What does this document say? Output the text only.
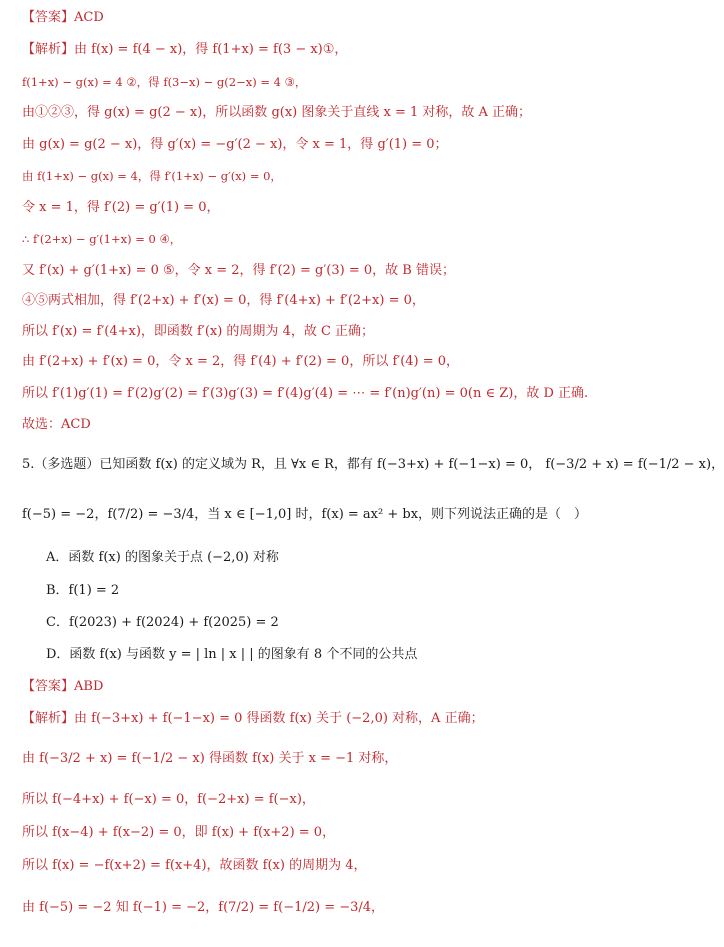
【答案】ACD
【解析】由 f(x) = f(4 − x)，得 f(1+x) = f(3 − x)①，
f(1+x) − g(x) = 4 ②，得 f(3−x) − g(2−x) = 4 ③，
由①②③，得 g(x) = g(2 − x)，所以函数 g(x) 图象关于直线 x = 1 对称，故 A 正确；
由 g(x) = g(2 − x)，得 g′(x) = −g′(2 − x)，令 x = 1，得 g′(1) = 0；
由 f(1+x) − g(x) = 4，得 f′(1+x) − g′(x) = 0，
令 x = 1，得 f′(2) = g′(1) = 0，
∴ f′(2+x) − g′(1+x) = 0 ④，
又 f′(x) + g′(1+x) = 0 ⑤，令 x = 2，得 f′(2) = g′(3) = 0，故 B 错误；
④⑤两式相加，得 f′(2+x) + f′(x) = 0，得 f′(4+x) + f′(2+x) = 0，
所以 f′(x) = f′(4+x)，即函数 f′(x) 的周期为 4，故 C 正确；
由 f′(2+x) + f′(x) = 0，令 x = 2，得 f′(4) + f′(2) = 0，所以 f′(4) = 0，
所以 f′(1)g′(1) = f′(2)g′(2) = f′(3)g′(3) = f′(4)g′(4) = ⋯ = f′(n)g′(n) = 0(n ∈ Z)，故 D 正确.
故选：ACD
5.（多选题）已知函数 f(x) 的定义域为 R，且 ∀x ∈ R，都有 f(−3+x) + f(−1−x) = 0， f(−3/2 + x) = f(−1/2 − x)，
f(−5) = −2，f(7/2) = −3/4，当 x ∈ [−1,0] 时，f(x) = ax² + bx，则下列说法正确的是（　）
A．函数 f(x) 的图象关于点 (−2,0) 对称
B．f(1) = 2
C．f(2023) + f(2024) + f(2025) = 2
D．函数 f(x) 与函数 y = | ln | x | | 的图象有 8 个不同的公共点
【答案】ABD
【解析】由 f(−3+x) + f(−1−x) = 0 得函数 f(x) 关于 (−2,0) 对称，A 正确；
由 f(−3/2 + x) = f(−1/2 − x) 得函数 f(x) 关于 x = −1 对称，
所以 f(−4+x) + f(−x) = 0，f(−2+x) = f(−x)，
所以 f(x−4) + f(x−2) = 0，即 f(x) + f(x+2) = 0，
所以 f(x) = −f(x+2) = f(x+4)，故函数 f(x) 的周期为 4，
由 f(−5) = −2 知 f(−1) = −2，f(7/2) = f(−1/2) = −3/4，
